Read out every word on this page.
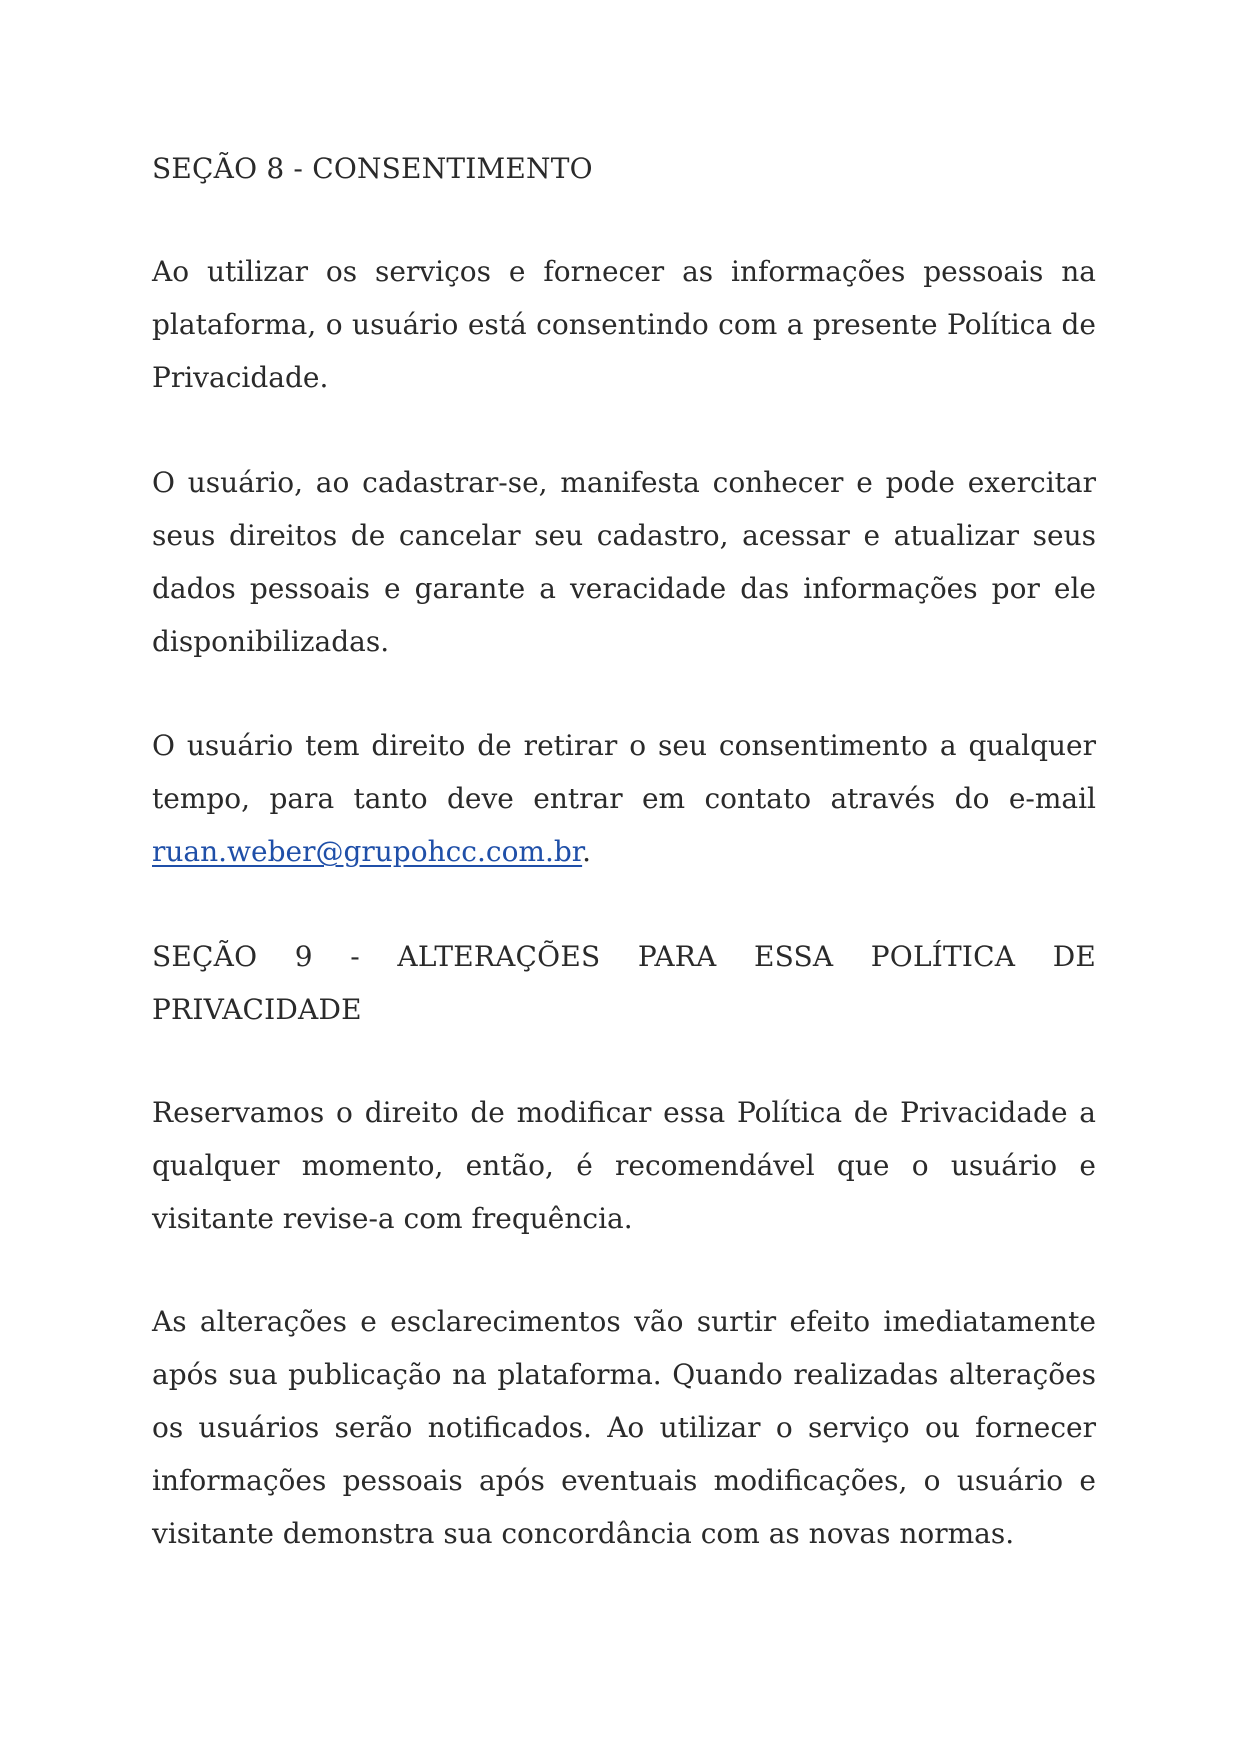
SEÇÃO 8 - CONSENTIMENTO

Ao utilizar os serviços e fornecer as informações pessoais na plataforma, o usuário está consentindo com a presente Política de Privacidade.

O usuário, ao cadastrar-se, manifesta conhecer e pode exercitar seus direitos de cancelar seu cadastro, acessar e atualizar seus dados pessoais e garante a veracidade das informações por ele disponibilizadas.

O usuário tem direito de retirar o seu consentimento a qualquer tempo, para tanto deve entrar em contato através do e-mail ruan.weber@grupohcc.com.br.

SEÇÃO 9 - ALTERAÇÕES PARA ESSA POLÍTICA DE PRIVACIDADE

Reservamos o direito de modificar essa Política de Privacidade a qualquer momento, então, é recomendável que o usuário e visitante revise-a com frequência.

As alterações e esclarecimentos vão surtir efeito imediatamente após sua publicação na plataforma. Quando realizadas alterações os usuários serão notificados. Ao utilizar o serviço ou fornecer informações pessoais após eventuais modificações, o usuário e visitante demonstra sua concordância com as novas normas.
